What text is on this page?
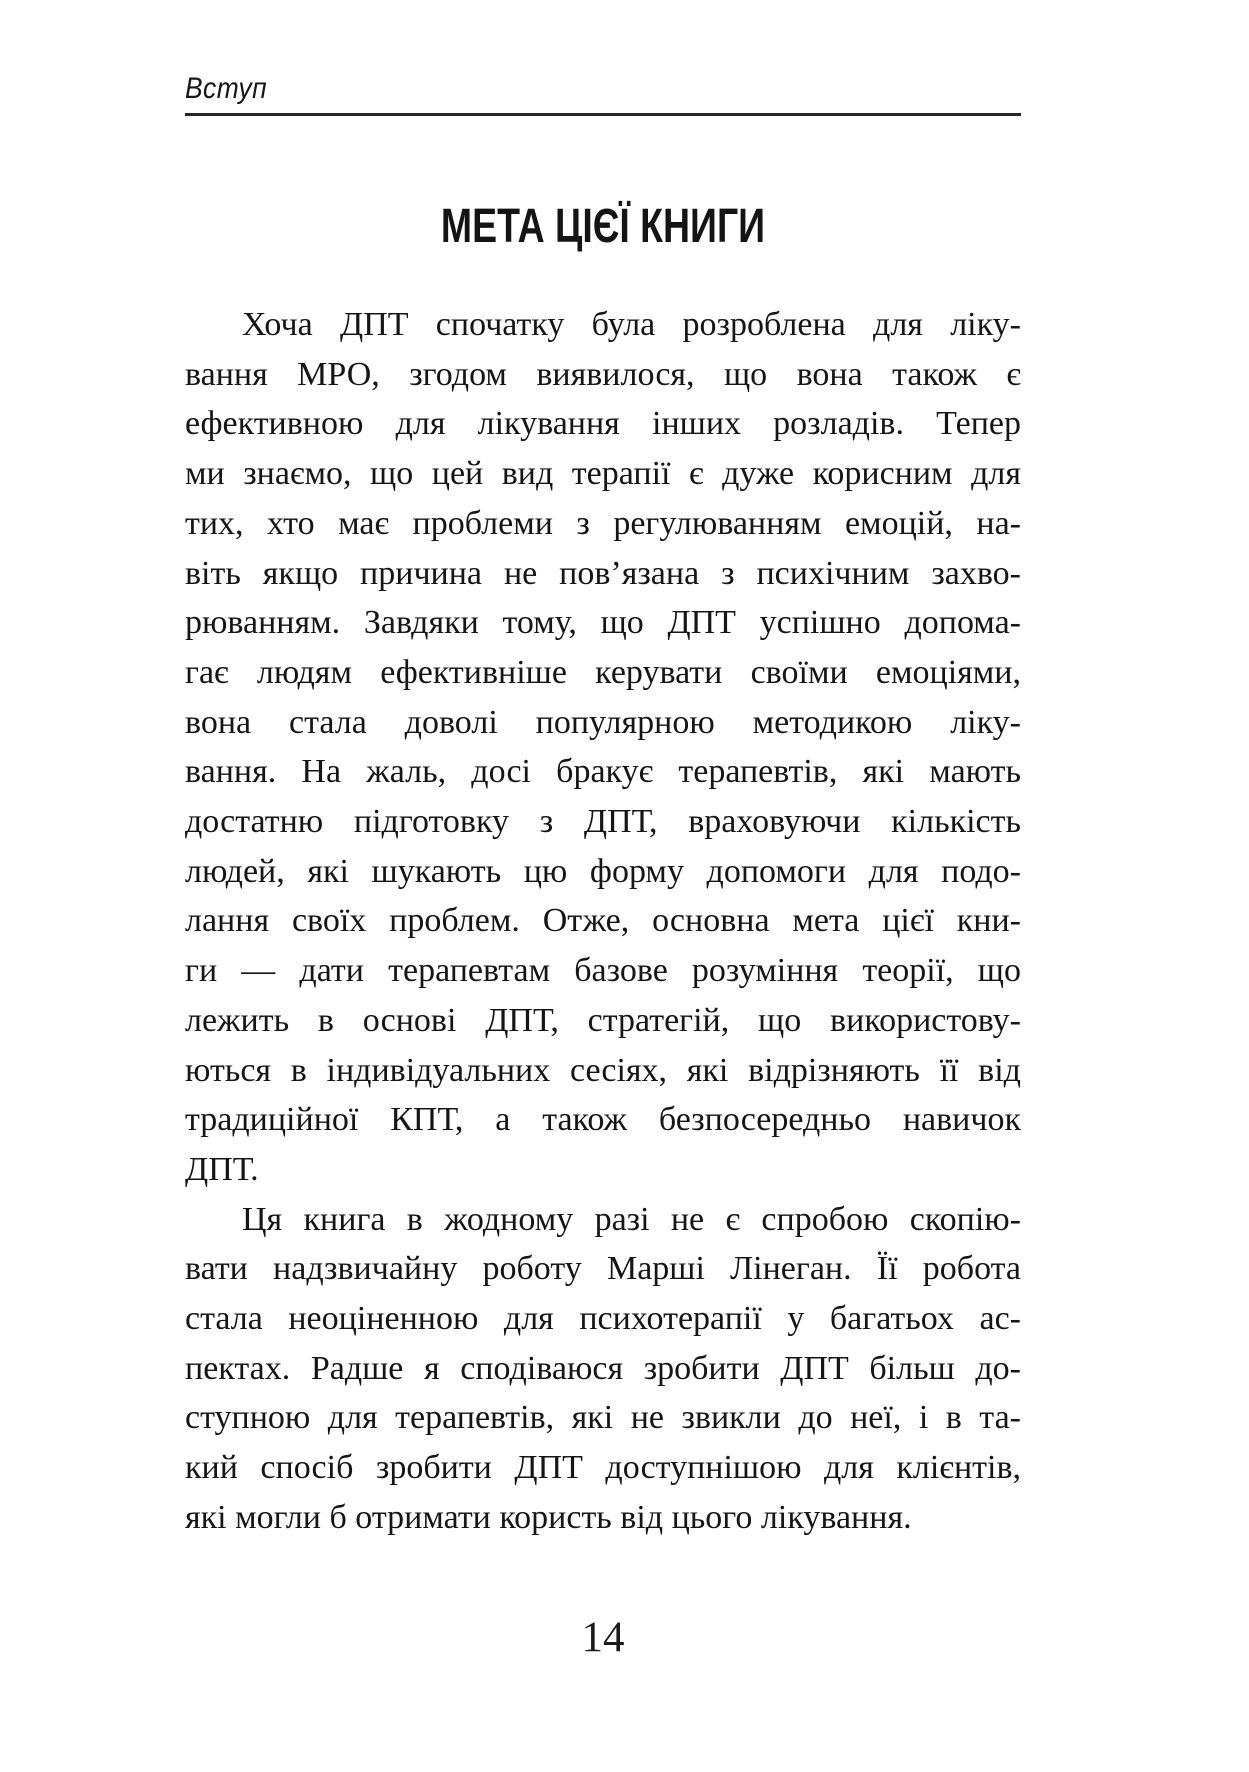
Вступ
МЕТА ЦІЄЇ КНИГИ
Хоча ДПТ спочатку була розроблена для ліку-
вання МРО, згодом виявилося, що вона також є
ефективною для лікування інших розладів. Тепер
ми знаємо, що цей вид терапії є дуже корисним для
тих, хто має проблеми з регулюванням емоцій, на-
віть якщо причина не пов’язана з психічним захво-
рюванням. Завдяки тому, що ДПТ успішно допома-
гає людям ефективніше керувати своїми емоціями,
вона стала доволі популярною методикою ліку-
вання. На жаль, досі бракує терапевтів, які мають
достатню підготовку з ДПТ, враховуючи кількість
людей, які шукають цю форму допомоги для подо-
лання своїх проблем. Отже, основна мета цієї кни-
ги — дати терапевтам базове розуміння теорії, що
лежить в основі ДПТ, стратегій, що використову-
ються в індивідуальних сесіях, які відрізняють її від
традиційної КПТ, а також безпосередньо навичок
ДПТ.
Ця книга в жодному разі не є спробою скопію-
вати надзвичайну роботу Марші Лінеган. Її робота
стала неоціненною для психотерапії у багатьох ас-
пектах. Радше я сподіваюся зробити ДПТ більш до-
ступною для терапевтів, які не звикли до неї, і в та-
кий спосіб зробити ДПТ доступнішою для клієнтів,
які могли б отримати користь від цього лікування.
14
